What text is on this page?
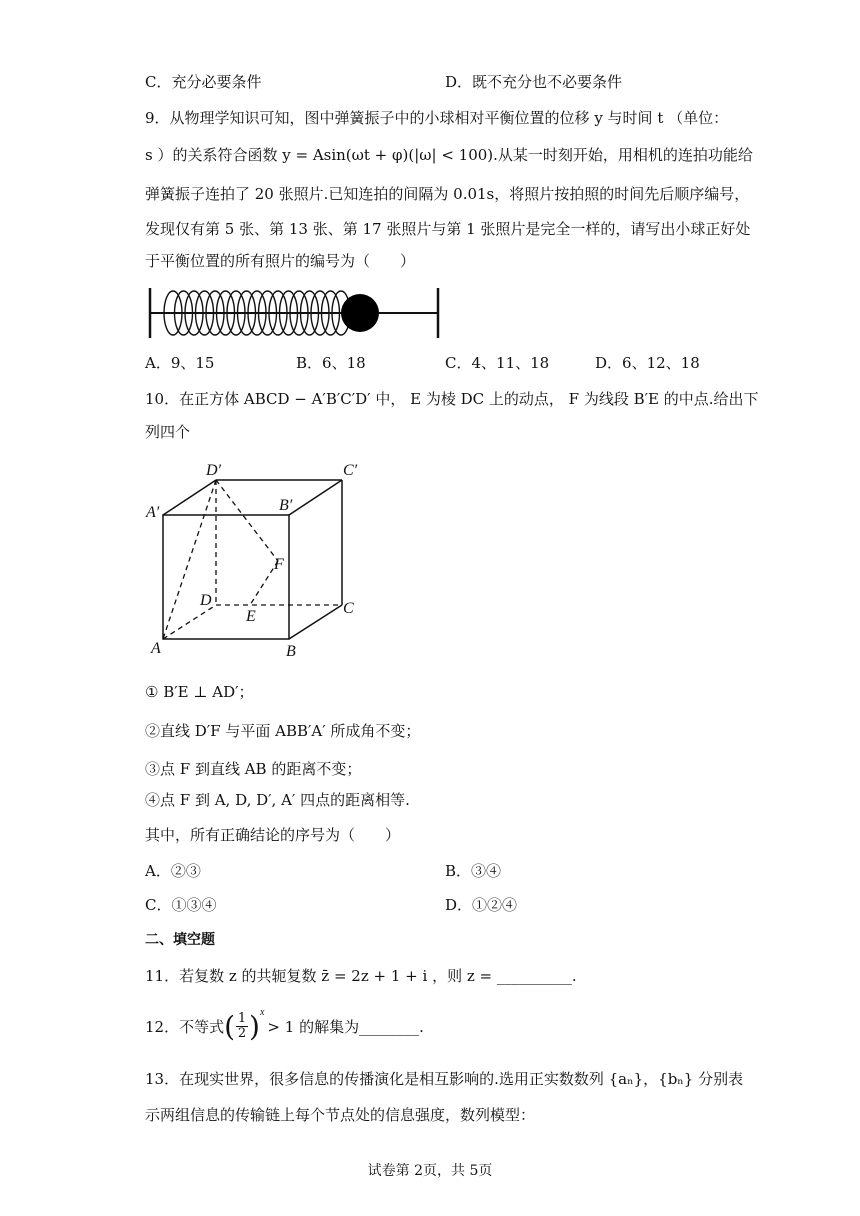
C．充分必要条件	D．既不充分也不必要条件
9．从物理学知识可知，图中弹簧振子中的小球相对平衡位置的位移 y 与时间 t （单位：
s ）的关系符合函数 y = Asin(ωt + φ)(|ω| < 100).从某一时刻开始，用相机的连拍功能给
弹簧振子连拍了 20 张照片.已知连拍的间隔为 0.01s，将照片按拍照的时间先后顺序编号，
发现仅有第 5 张、第 13 张、第 17 张照片与第 1 张照片是完全一样的，请写出小球正好处
于平衡位置的所有照片的编号为（　　）
A．9、15	B．6、18	C．4、11、18	D．6、12、18
10．在正方体 ABCD − A′B′C′D′ 中， E 为棱 DC 上的动点， F 为线段 B′E 的中点.给出下
列四个
D′	C′
A′	B′
F
D
E	C
A	B
① B′E ⊥ AD′；
②直线 D′F 与平面 ABB′A′ 所成角不变；
③点 F 到直线 AB 的距离不变；
④点 F 到 A, D, D′, A′ 四点的距离相等.
其中，所有正确结论的序号为（　　）
A．②③	B．③④
C．①③④	D．①②④
二、填空题
11．若复数 z 的共轭复数 z̄ = 2z + 1 + i ，则 z = __________.
12．不等式 ( 1
2 ) x
> 1 的解集为________.
13．在现实世界，很多信息的传播演化是相互影响的.选用正实数数列 {aₙ}，{bₙ} 分别表
示两组信息的传输链上每个节点处的信息强度，数列模型：
试卷第 2页，共 5页
